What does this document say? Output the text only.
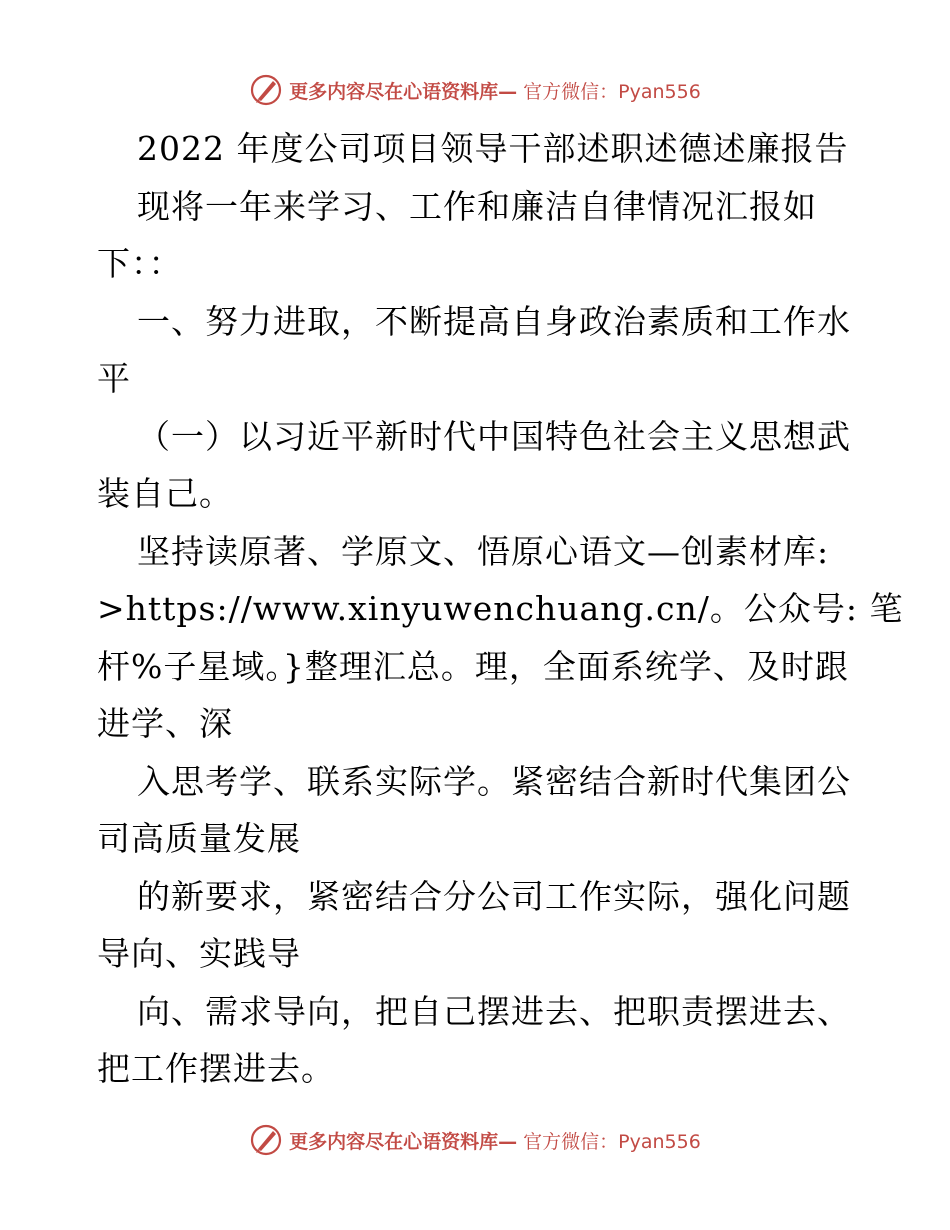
更多内容尽在心语资料库— 官方微信：Pyan556
2022 年度公司项目领导干部述职述德述廉报告
现将一年来学习、工作和廉洁自律情况汇报如
下：：
一、努力进取，不断提高自身政治素质和工作水
平
（一）以习近平新时代中国特色社会主义思想武
装自己。
坚持读原著、学原文、悟原心语文—创素材库:
>https://www.xinyuwenchuang.cn/。公众号: 笔
杆%子星域。}整理汇总。理，全面系统学、及时跟
进学、深
入思考学、联系实际学。紧密结合新时代集团公
司高质量发展
的新要求，紧密结合分公司工作实际，强化问题
导向、实践导
向、需求导向，把自己摆进去、把职责摆进去、
把工作摆进去。
更多内容尽在心语资料库— 官方微信：Pyan556
